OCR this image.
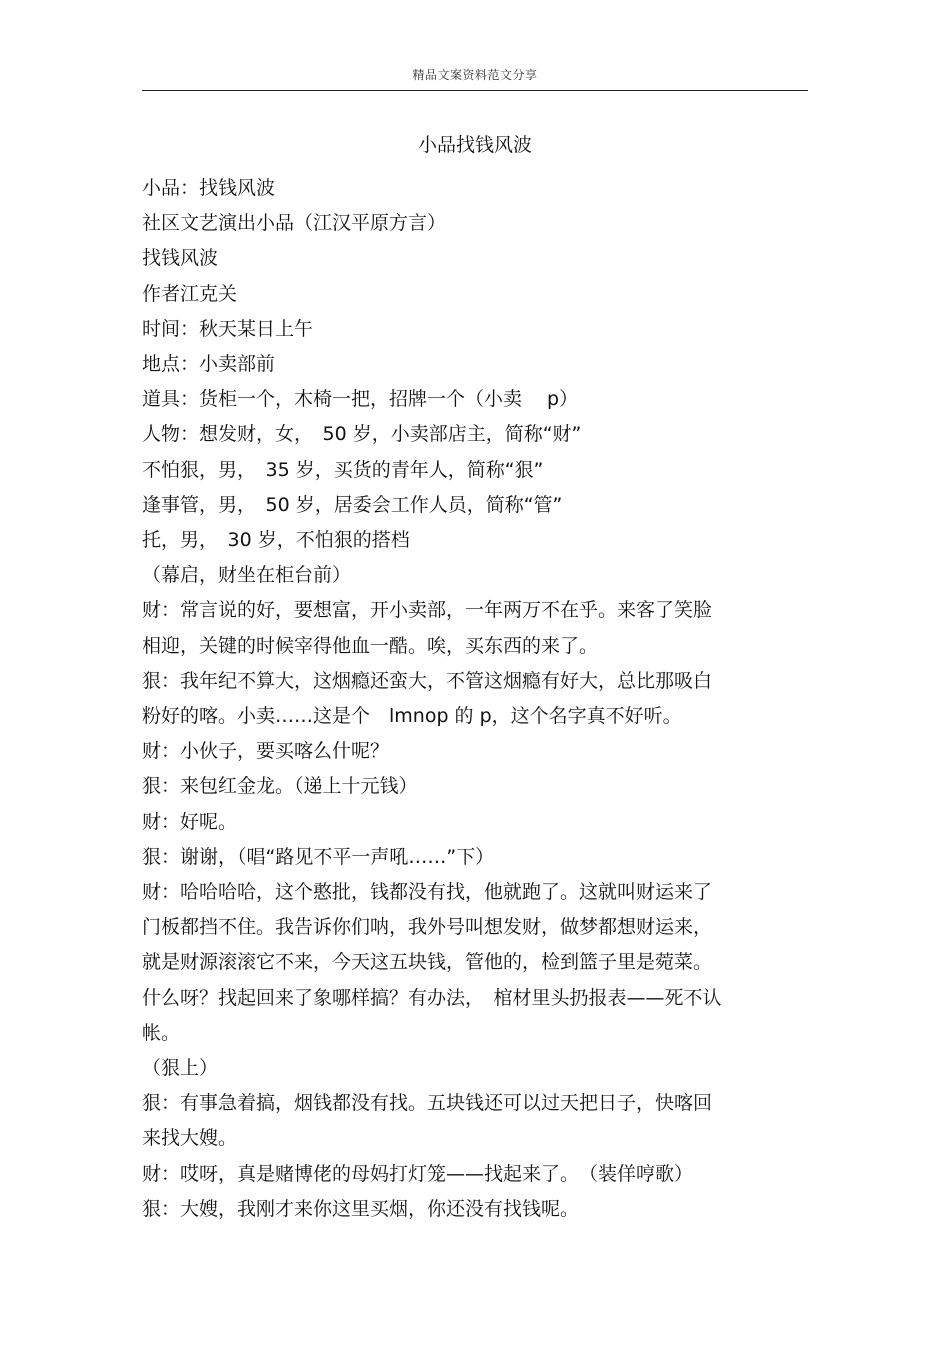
精品文案资料范文分享
小品找钱风波

小品：找钱风波

社区文艺演出小品（江汉平原方言）

找钱风波

作者江克关

时间：秋天某日上午

地点：小卖部前

道具：货柜一个，木椅一把，招牌一个（小卖　 p）

人物：想发财，女，　50 岁，小卖部店主，简称“财”

不怕狠，男，　35 岁，买货的青年人，简称“狠”

逢事管，男，　50 岁，居委会工作人员，简称“管”

托，男，　30 岁，不怕狠的搭档

（幕启，财坐在柜台前）

财：常言说的好，要想富，开小卖部，一年两万不在乎。来客了笑脸

相迎，关键的时候宰得他血一酷。唉，买东西的来了。

狠：我年纪不算大，这烟瘾还蛮大，不管这烟瘾有好大，总比那吸白

粉好的喀。小卖……这是个　lmnop 的 p，这个名字真不好听。

财：小伙子，要买喀么什呢？

狠：来包红金龙。（递上十元钱）

财：好呢。

狠：谢谢，（唱“路见不平一声吼……”下）

财：哈哈哈哈，这个憨批，钱都没有找，他就跑了。这就叫财运来了

门板都挡不住。我告诉你们呐，我外号叫想发财，做梦都想财运来，

就是财源滚滚它不来，今天这五块钱，管他的，检到篮子里是菀菜。

什么呀？找起回来了象哪样搞？有办法，　棺材里头扔报表——死不认

帐。

（狠上）

狠：有事急着搞，烟钱都没有找。五块钱还可以过天把日子，快喀回

来找大嫂。

财：哎呀，真是赌博佬的母妈打灯笼——找起来了。　（装佯哼歌）

狠：大嫂，我刚才来你这里买烟，你还没有找钱呢。
